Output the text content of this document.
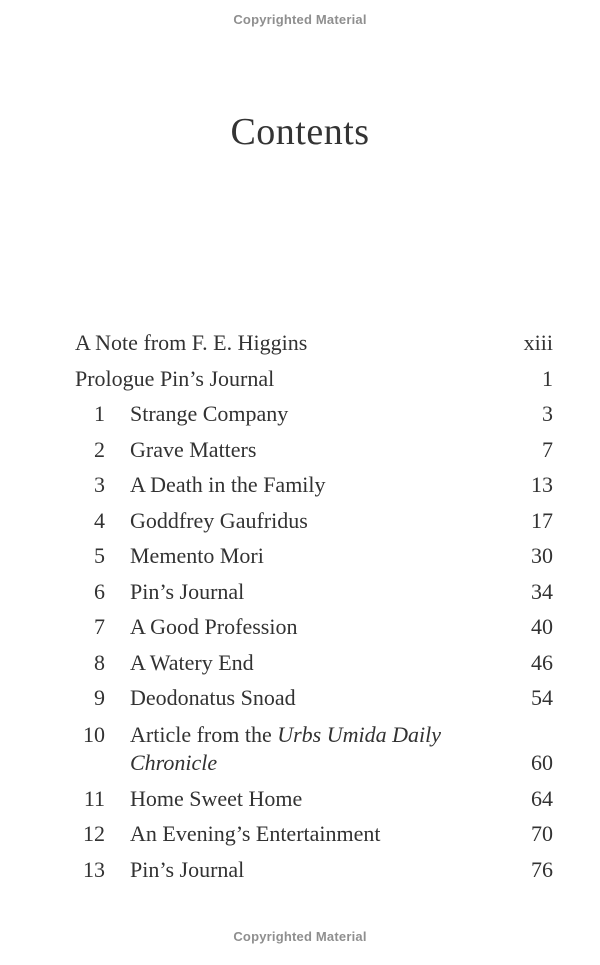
Copyrighted Material
Contents
A Note from F. E. Higgins	xiii
Prologue Pin’s Journal	1
1 Strange Company	3
2 Grave Matters	7
3 A Death in the Family	13
4 Goddfrey Gaufridus	17
5 Memento Mori	30
6 Pin’s Journal	34
7 A Good Profession	40
8 A Watery End	46
9 Deodonatus Snoad	54
10 Article from the Urbs Umida Daily
Chronicle	60
11 Home Sweet Home	64
12 An Evening’s Entertainment	70
13 Pin’s Journal	76
Copyrighted Material
